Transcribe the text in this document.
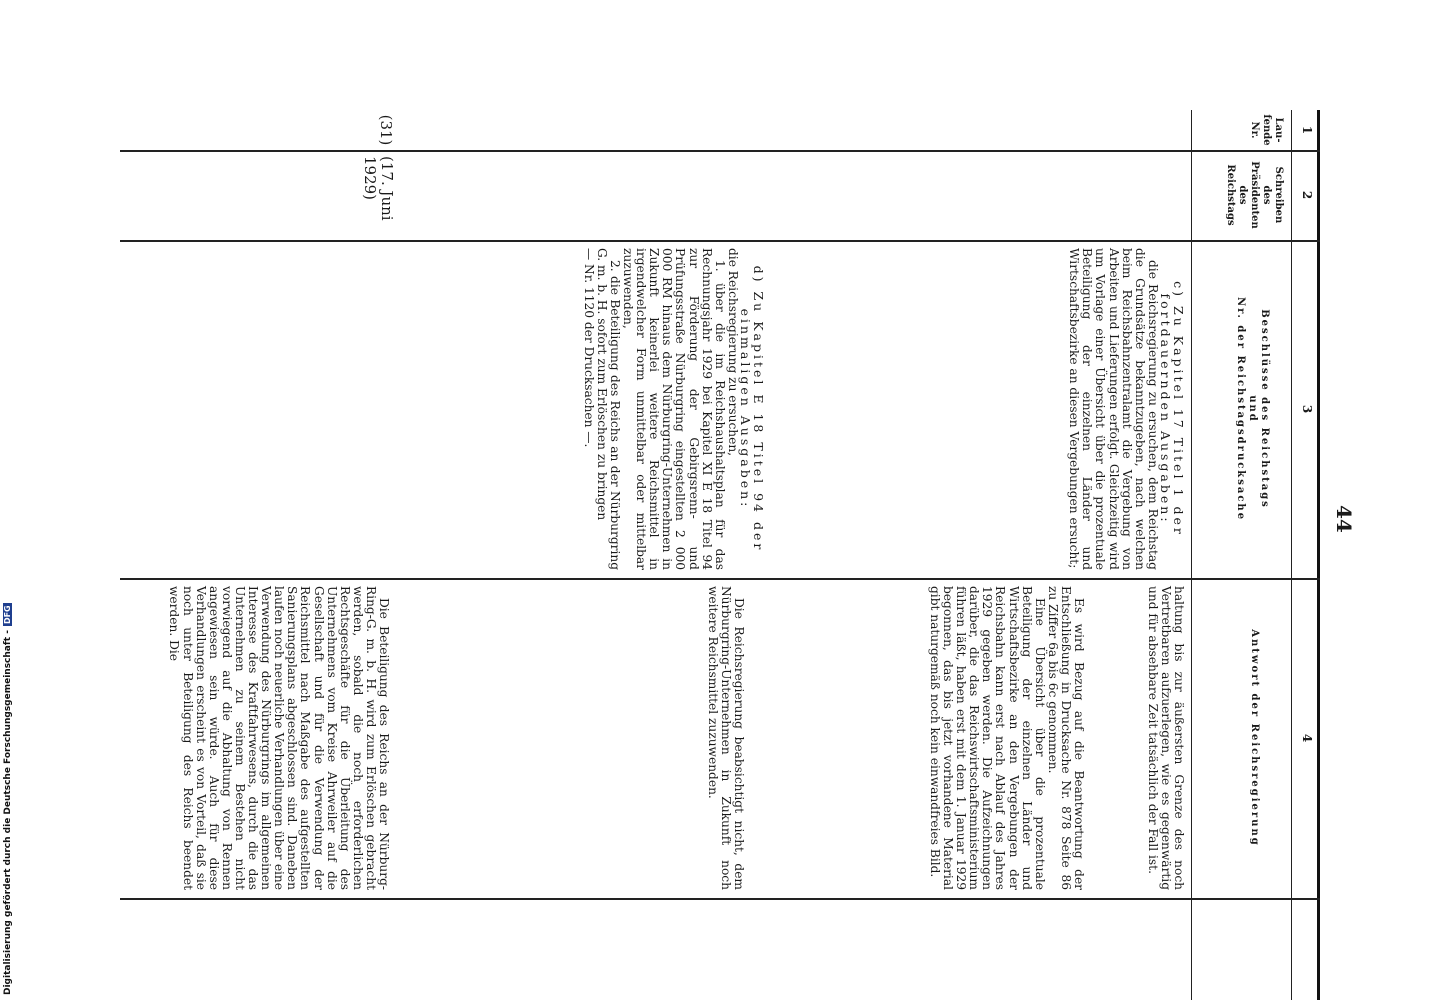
44
1
2
3
4
Lau-
fende
Nr.
Schreiben
des
Präsidenten
des
Reichstags
Beschlüsse des Reichstags
und
Nr. der Reichstagsdrucksache
Antwort der Reichsregierung
(31)
(17. Juni
1929)

c) Zu Kapitel 17 Titel 1 der fortdauernden Ausgaben:

die Reichsregierung zu ersuchen, dem Reichstag die Grundsätze bekanntzugeben, nach welchen beim Reichsbahnzentralamt die Vergebung von Arbeiten und Lieferungen erfolgt. Gleichzeitig wird um Vorlage einer Übersicht über die prozentuale Beteiligung der einzelnen Länder und Wirtschaftsbezirke an diesen Vergebungen ersucht;

d) Zu Kapitel E 18 Titel 94 der einmaligen Ausgaben:

die Reichsregierung zu ersuchen,

1. über die im Reichshaushaltsplan für das Rechnungsjahr 1929 bei Kapitel XI E 18 Titel 94 zur Förderung der Gebirgsrenn- und Prüfungsstraße Nürburgring eingestellten 2 000 000 RM hinaus dem Nürburgring-Unternehmen in Zukunft keinerlei weitere Reichsmittel in irgendwelcher Form unmittelbar oder mittelbar zuzuwenden,

2. die Beteiligung des Reichs an der Nürburgring G. m. b. H. sofort zum Erlöschen zu bringen

— Nr. 1120 der Drucksachen —.

haltung bis zur äußersten Grenze des noch Vertretbaren aufzuerlegen, wie es gegenwärtig und für absehbare Zeit tatsächlich der Fall ist.

Es wird Bezug auf die Beantwortung der Entschließung in Drucksache Nr. 878 Seite 86 zu Ziffer 6a bis 6c genommen.

Eine Übersicht über die prozentuale Beteiligung der einzelnen Länder und Wirtschaftsbezirke an den Vergebungen der Reichsbahn kann erst nach Ablauf des Jahres 1929 gegeben werden. Die Aufzeichnungen darüber, die das Reichswirtschaftsministerium führen läßt, haben erst mit dem 1. Januar 1929 begonnen, das bis jetzt vorhandene Material gibt naturgemäß noch kein einwandfreies Bild.

Die Reichsregierung beabsichtigt nicht, dem Nürburgring-Unternehmen in Zukunft noch weitere Reichsmittel zuzuwenden.

Die Beteiligung des Reichs an der Nürburg-Ring-G. m. b. H. wird zum Erlöschen gebracht werden, sobald die noch erforderlichen Rechtsgeschäfte für die Überleitung des Unternehmens vom Kreise Ahrweiler auf die Gesellschaft und für die Verwendung der Reichsmittel nach Maßgabe des aufgestellten Sanierungsplans abgeschlossen sind. Daneben laufen noch neuerliche Verhandlungen über eine Verwendung des Nürburgrings im allgemeinen Interesse des Kraftfahrwesens, durch die das Unternehmen zu seinem Bestehen nicht vorwiegend auf die Abhaltung von Rennen angewiesen sein würde. Auch für diese Verhandlungen erscheint es von Vorteil, daß sie noch unter Beteiligung des Reichs beendet werden. Die

Digitalisierung gefördert durch die Deutsche Forschungsgemeinschaft -DFG
